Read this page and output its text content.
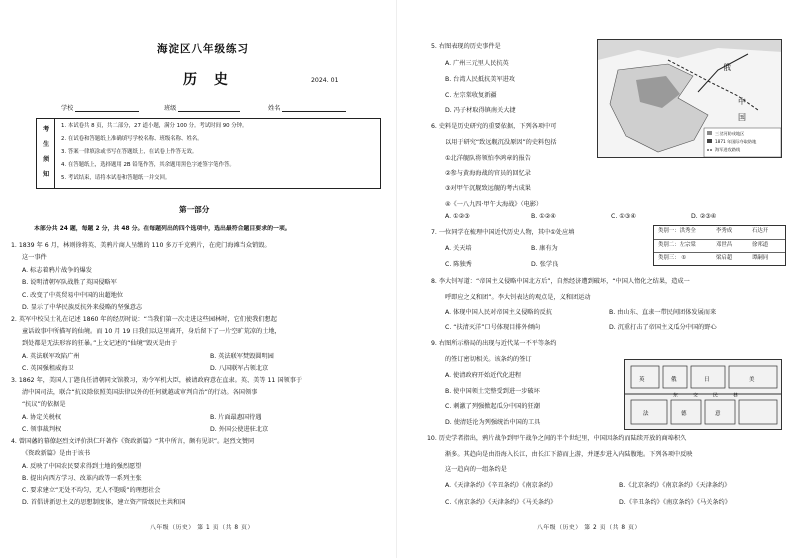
海淀区八年级练习
历 史	2024. 01
学校	班级	姓名
考
生
须
知
1. 本试卷共 8 页，共二部分，27 道小题，满分 100 分。考试时间 90 分钟。
2. 在试卷和答题纸上准确填写学校名称、班级名称、姓名。
3. 答案一律填涂或书写在答题纸上，在试卷上作答无效。
4. 在答题纸上，选择题用 2B 铅笔作答，其余题用黑色字迹签字笔作答。
5. 考试结束，请将本试卷和答题纸一并交回。
第一部分
本部分共 24 题，每题 2 分，共 48 分。在每题列出的四个选项中，选出最符合题目要求的一项。
1. 1839 年 6 月，林则徐将英、美鸦片商人呈缴的 110 多万千克鸦片，在虎门海滩当众销毁。
这一事件
A. 标志着鸦片战争的爆发
B. 说明清朝军队战胜了英国侵略军
C. 改变了中英贸易中中国的出超地位
D. 显示了中华民族反抗外来侵略的坚强意志
2. 英军中校吴士礼在记述 1860 年的经历时说：“当我们第一次走进这些园林时，它们使我们想起
童话故事中所描写的仙境。而 10 月 19 日我们以这里离开，身后留下了一片空旷荒凉的土地，
到处都是无法形容的狂暴。”上文记述的“仙境”毁灭是由于
A. 英法联军攻陷广州	B. 英法联军焚毁圆明园
C. 英国强租威海卫	D. 八国联军占领北京
3. 1862 年，美国人丁韪良任清朝同文馆教习，劝令军机大臣，被请政府意在直隶。英、美等 11 国领事于
清中国司法，联合“抗议除依照美国法律以外的任何就越或审判自治”的行动。各国领事
“抗议”的依据是
A. 协定关税权	B. 片面最惠国待遇
C. 领事裁判权	D. 外国公使进驻北京
4. 曾国藩的幕僚赵烈文评价洪仁玕著作《资政新篇》“其中所言，颇有见识”。赵烈文赞同
《资政新篇》是由于该书
A. 反映了中国农民要求得到土地的强烈愿望
B. 提出向西方学习、改革内政等一系列主张
C. 要求建立“无处不均匀，无人不饱暖”的理想社会
D. 首倡讲新思主义的思想制度体，建立资产阶级民主共和国
八年级（历史） 第 1 页（共 8 页）
5. 右图表现的历史事件是
A. 广州三元里人民抗英
B. 台湾人民抵抗美军进攻
C. 左宗棠收复新疆
D. 冯子材取得镇南关大捷
俄
中
国
三岔河防戍地区
1871 年国际夺取防地
海军进攻路线
6. 史料是历史研究的重要依据，下列各项中可
以用于研究“致远舰沉没原因”的史料包括
①北洋舰队将领怕李鸿章的报告
②参与黄海海战的官员的回忆录
③对甲午沉舰致远舰的考古成果
④《一八九四·甲午大海战》（电影）
A. ①②③	B. ①②④	C. ①③④	D. ②③④
7. 一位同学在梳理中国近代历史人物，其中①处应填
A. 关天培	B. 康有为
C. 陈独秀	D. 张学良
类别一：洪秀全	李秀成	石达开
类别二：左宗棠	邓世昌	徐邦道
类别三： ①	梁启超	谭嗣同
8. 李大钊写道：“帝国主义侵略中国北方后”，自然经济遭到破坏，“中国人惰化之结果，造成一
呼即应之义和团”。李大钊表达的观点是，义和团运动
A. 体现中国人民对帝国主义侵略的反抗	B. 由山东、直隶一带民间团体发展而来
C. “扶清灭洋”口号体现目排外倾向	D. 沉重打击了帝国主义瓜分中国的野心
9. 右图所示格局的出现与近代某一不平等条约
的签订密切相关。该条约的签订
A. 使清政府开始近代化进程
B. 使中国领土完整受到进一步破坏
C. 刺激了列强掀起瓜分中国的狂潮
D. 使清廷沦为列强统治中国的工具
英	俄	日	美
东	交	民	巷
法	德	意
10. 历史学者指出，鸦片战争到甲午战争之间的半个世纪里，中国因条约而陆续开放的商埠积久
渐多。其趋向是由沿海入长江，由长江下游而上游，并逐步进入内陆腹地。下列各项中反映
这一趋向的一组条约是
A.《天津条约》《辛丑条约》《南京条约》	B.《北京条约》《南京条约》《天津条约》
C.《南京条约》《天津条约》《马关条约》	D.《辛丑条约》《南京条约》《马关条约》
八年级（历史） 第 2 页（共 8 页）
